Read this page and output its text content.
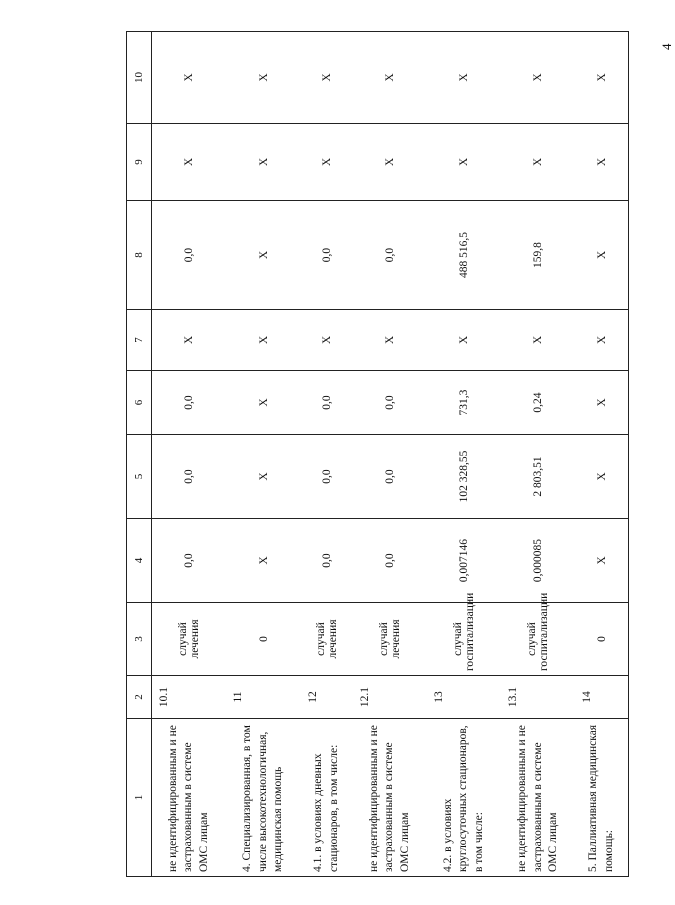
4
1	2	3	4	5	6	7	8	9	10
не идентифицированным и не застрахованным в системе ОМС лицам	10.1	случай лечения	0,0	0,0	0,0	X	0,0	X	X
4. Специализированная, в том числе высокотехнологичная, медицинская помощь	11	0	X	X	X	X	X	X	X
4.1. в условиях дневных стационаров, в том числе:	12	случай лечения	0,0	0,0	0,0	X	0,0	X	X
не идентифицированным и не застрахованным в системе ОМС лицам	12.1	случай лечения	0,0	0,0	0,0	X	0,0	X	X
4.2. в условиях круглосуточных стационаров, в том числе:	13	случай госпитализации	0,007146	102 328,55	731,3	X	488 516,5	X	X
не идентифицированным и не застрахованным в системе ОМС лицам	13.1	случай госпитализации	0,000085	2 803,51	0,24	X	159,8	X	X
5. Паллиативная медицинская помощь:	14	0	X	X	X	X	X	X	X
